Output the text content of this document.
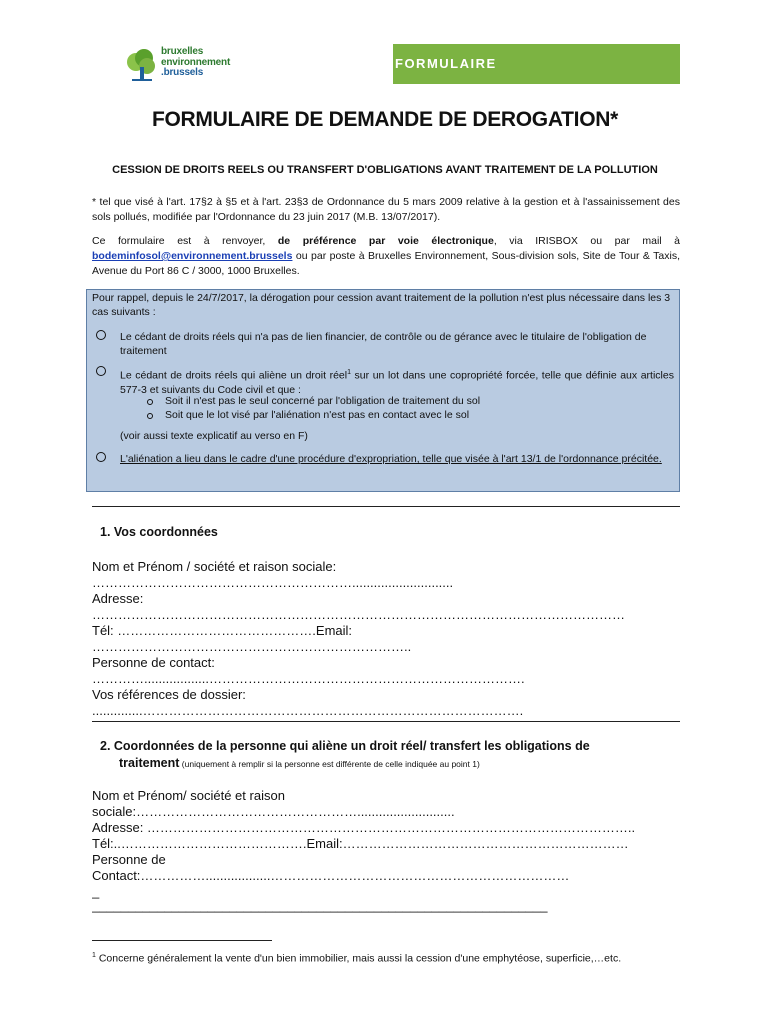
bruxelles
environnement
.brussels
FORMULAIRE
FORMULAIRE DE DEMANDE DE DEROGATION*
CESSION DE DROITS REELS OU TRANSFERT D'OBLIGATIONS AVANT TRAITEMENT DE LA POLLUTION
* tel que visé à l'art. 17§2 à §5 et à l'art. 23§3 de Ordonnance du 5 mars 2009 relative à la gestion et à l'assainissement des sols pollués, modifiée par l'Ordonnance du 23 juin 2017 (M.B. 13/07/2017).
Ce formulaire est à renvoyer, de préférence par voie électronique, via IRISBOX ou par mail à bodeminfosol@environnement.brussels ou par poste à Bruxelles Environnement, Sous-division sols, Site de Tour & Taxis, Avenue du Port 86 C / 3000, 1000 Bruxelles.
Pour rappel, depuis le 24/7/2017, la dérogation pour cession avant traitement de la pollution n'est plus nécessaire dans les 3 cas suivants :
Le cédant de droits réels qui n'a pas de lien financier, de contrôle ou de gérance avec le titulaire de l'obligation de traitement
Le cédant de droits réels qui aliène un droit réel$^1$ sur un lot dans une copropriété forcée, telle que définie aux articles 577-3 et suivants du Code civil et que :
Soit il n'est pas le seul concerné par l'obligation de traitement du sol
Soit que le lot visé par l'aliénation n'est pas en contact avec le sol
(voir aussi texte explicatif au verso en F)
L'aliénation a lieu dans le cadre d'une procédure d'expropriation, telle que visée à l'art 13/1 de l'ordonnance précitée.
1. Vos coordonnées
Nom et Prénom / société et raison sociale:
……………………………………………………............................
Adresse:
……………………………………………………………………………………………………………
Tél: ……………………………………….Email:
………………………………………………………………..
Personne de contact:
…………..................……………………………………………………………….
Vos références de dossier:
..............…………………………………………………………………………….
2. Coordonnées de la personne qui aliène un droit réel/ transfert les obligations de
traitement (uniquement à remplir si la personne est différente de celle indiquée au point 1)
Nom et Prénom/ société et raison
sociale:……………………………………………...........................
Adresse: …………………………………………………………………………………………………..
Tél:..…………………………………….Email:…………………………………………………………
Personne de
Contact:……………..................……………………………………………………………
_
_______________________________________________________________
$^1$ Concerne généralement la vente d'un bien immobilier, mais aussi la cession d'une emphytéose, superficie,…etc.
